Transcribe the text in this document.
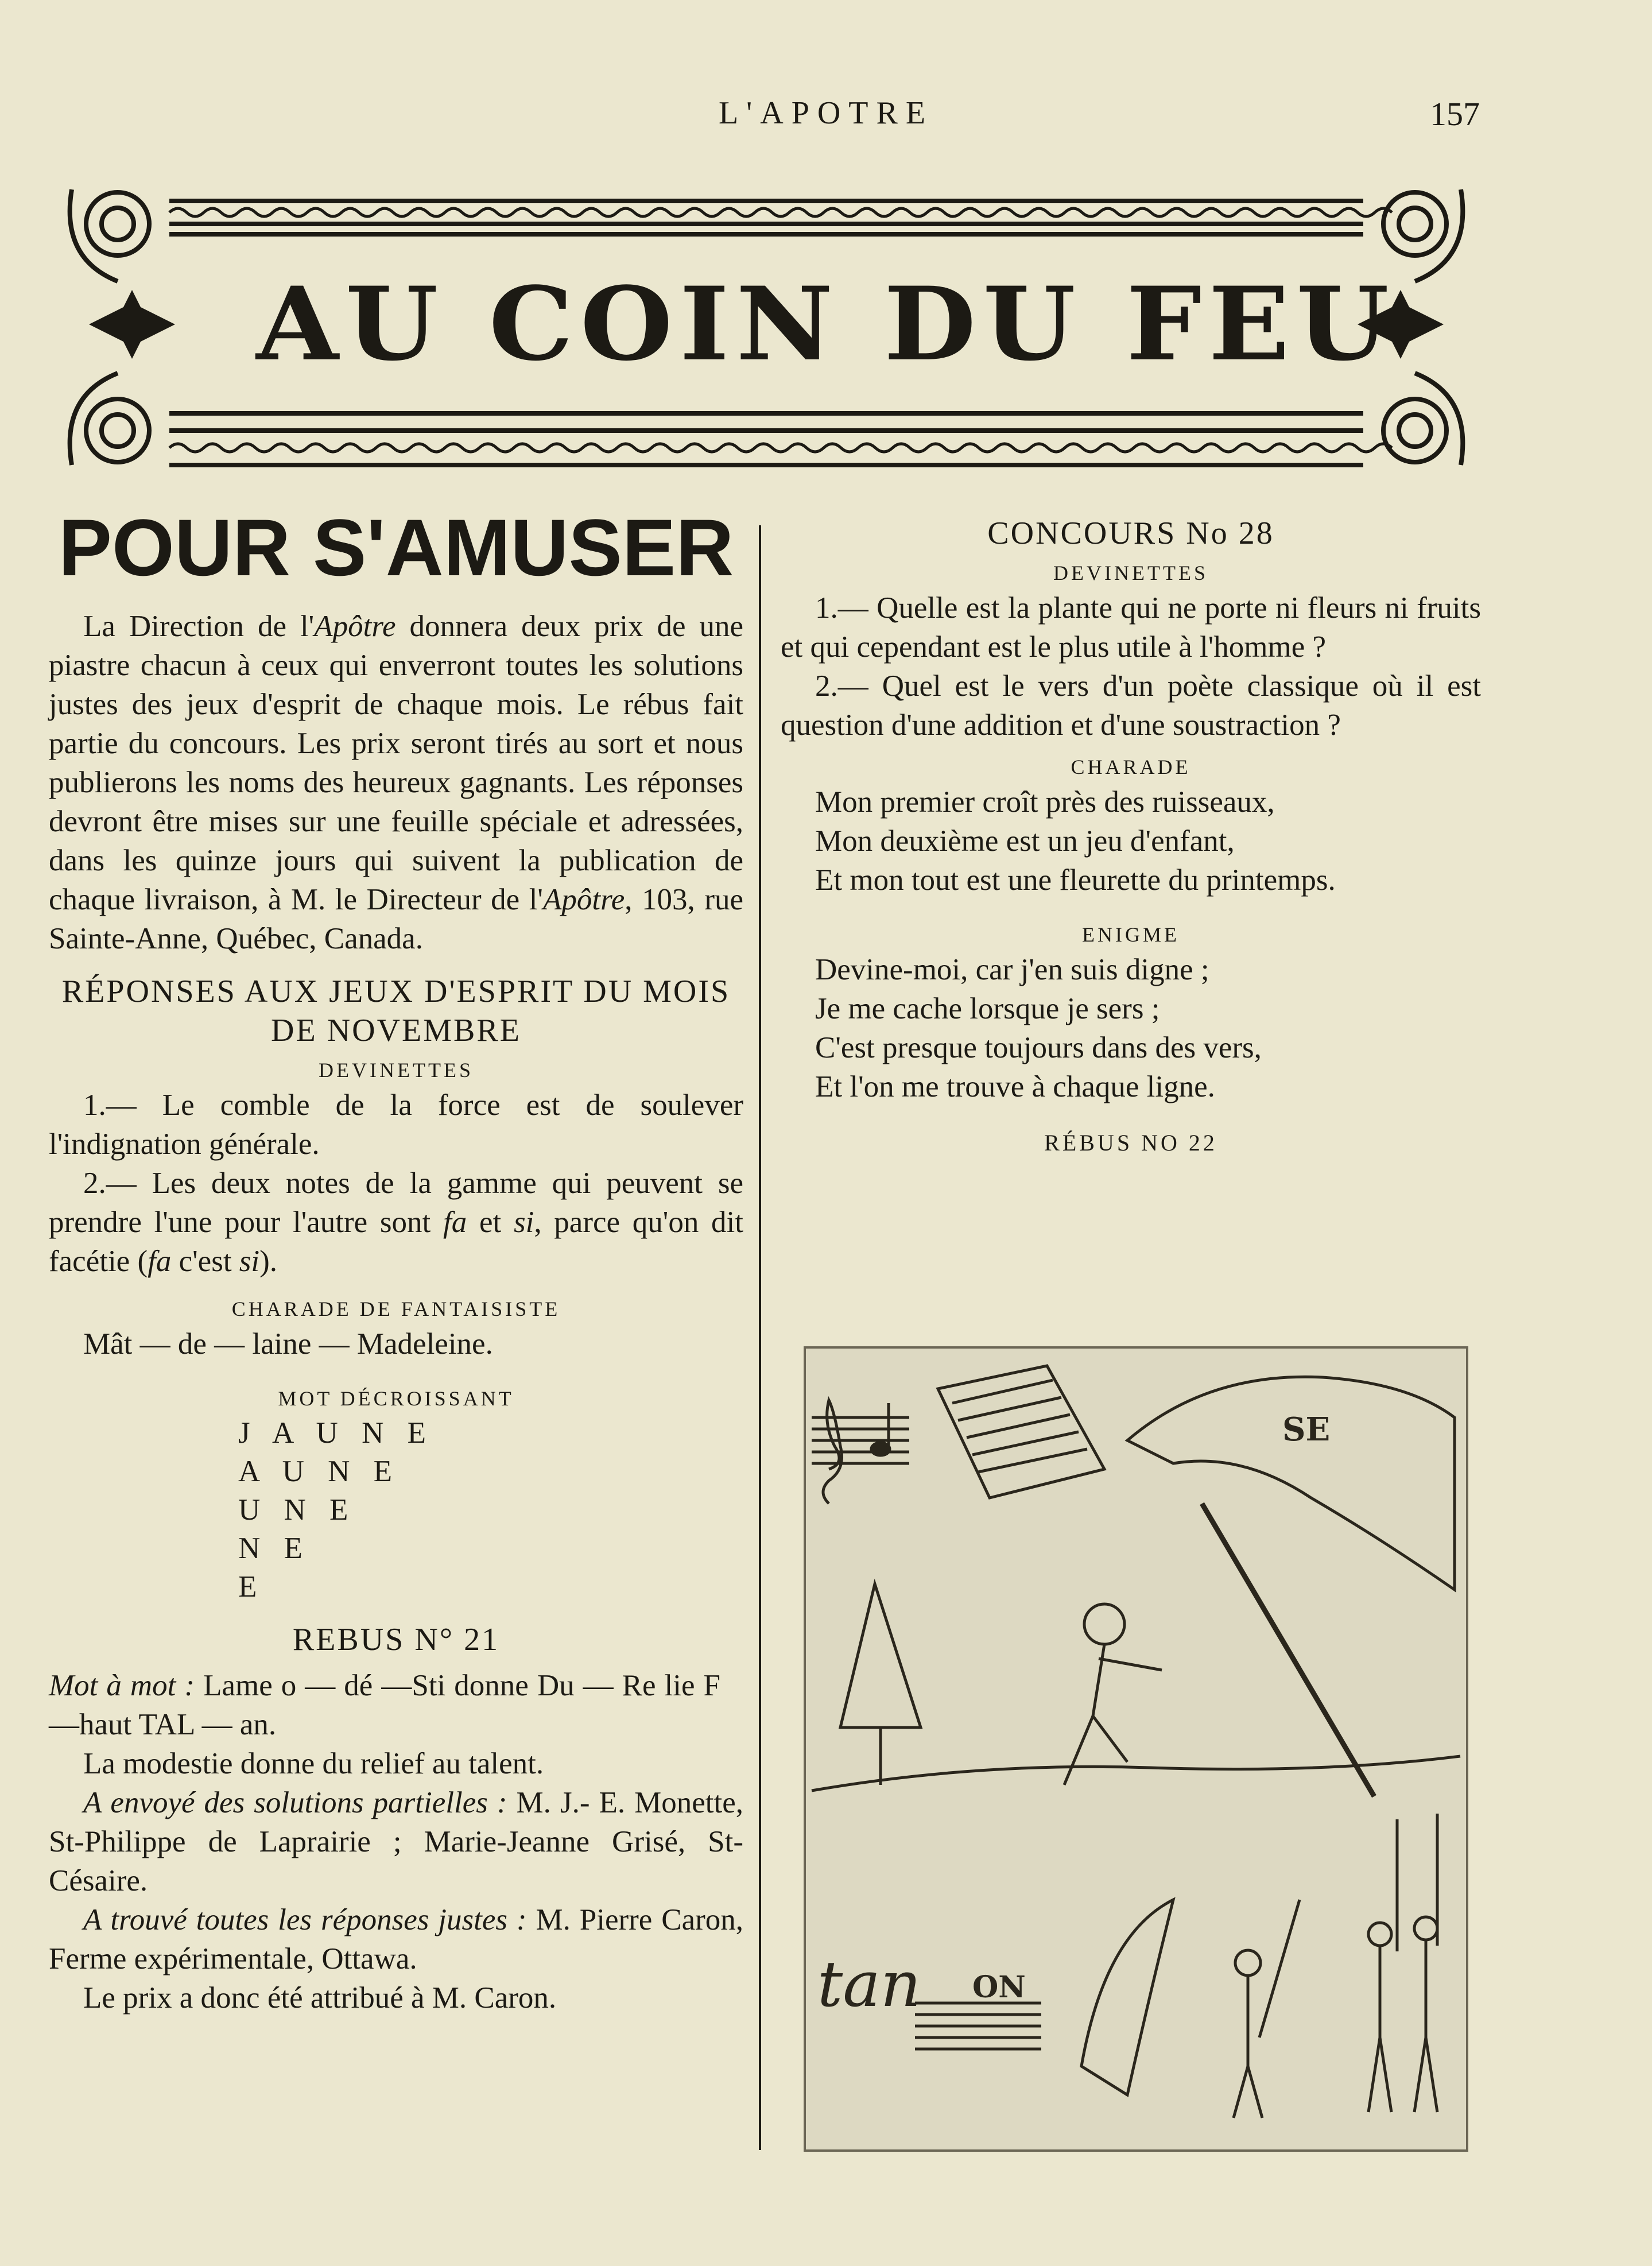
L'APOTRE	157
AU COIN DU FEU
POUR S'AMUSER

La Direction de l'Apôtre donnera deux prix de une piastre chacun à ceux qui enverront toutes les solutions justes des jeux d'esprit de chaque mois. Le rébus fait partie du concours. Les prix seront tirés au sort et nous publierons les noms des heureux gagnants. Les réponses devront être mises sur une feuille spéciale et adressées, dans les quinze jours qui suivent la publication de chaque livraison, à M. le Directeur de l'Apôtre, 103, rue Sainte-Anne, Québec, Canada.

RÉPONSES AUX JEUX D'ESPRIT DU MOIS DE NOVEMBRE
DEVINETTES

1.— Le comble de la force est de soulever l'indignation générale.

2.— Les deux notes de la gamme qui peuvent se prendre l'une pour l'autre sont fa et si, parce qu'on dit facétie (fa c'est si).

CHARADE DE FANTAISISTE

Mât — de — laine — Madeleine.

MOT DÉCROISSANT
J A U N E
A U N E
U N E
N E
E
REBUS N° 21

Mot à mot : Lame o — dé —Sti donne Du — Re lie F —haut TAL — an.

La modestie donne du relief au talent.

A envoyé des solutions partielles : M. J.- E. Monette, St-Philippe de Laprairie ; Marie-Jeanne Grisé, St-Césaire.

A trouvé toutes les réponses justes : M. Pierre Caron, Ferme expérimentale, Ottawa.

Le prix a donc été attribué à M. Caron.

CONCOURS No 28
DEVINETTES

1.— Quelle est la plante qui ne porte ni fleurs ni fruits et qui cependant est le plus utile à l'homme ?

2.— Quel est le vers d'un poète classique où il est question d'une addition et d'une soustraction ?

CHARADE

Mon premier croît près des ruisseaux,

Mon deuxième est un jeu d'enfant,

Et mon tout est une fleurette du printemps.

ENIGME

Devine-moi, car j'en suis digne ;

Je me cache lorsque je sers ;

C'est presque toujours dans des vers,

Et l'on me trouve à chaque ligne.

RÉBUS NO 22
tan ON
SE
